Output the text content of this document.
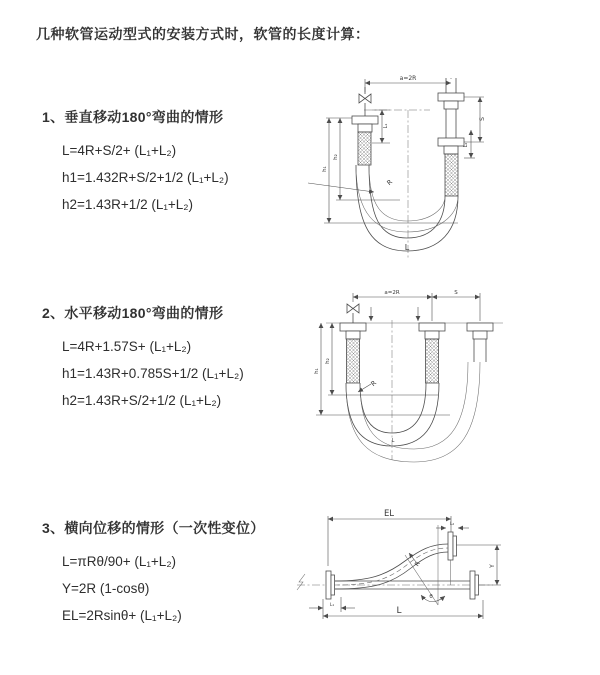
几种软管运动型式的安装方式时，软管的长度计算：
1、垂直移动180°弯曲的情形
L=4R+S/2+ (L₁+L₂)
h1=1.432R+S/2+1/2 (L₁+L₂)
h2=1.43R+1/2 (L₁+L₂)
2、水平移动180°弯曲的情形
L=4R+1.57S+ (L₁+L₂)
h1=1.43R+0.785S+1/2 (L₁+L₂)
h2=1.43R+S/2+1/2 (L₁+L₂)
3、横向位移的情形（一次性变位）
L=πRθ/90+ (L₁+L₂)
Y=2R (1-cosθ)
EL=2Rsinθ+ (L₁+L₂)
a=2R
L₁
S
L₂
h₁
h₂
R
L
a=2R	S
h₁
h₂
R
L
EL
L₂
Y
R
θ
L₁
L
